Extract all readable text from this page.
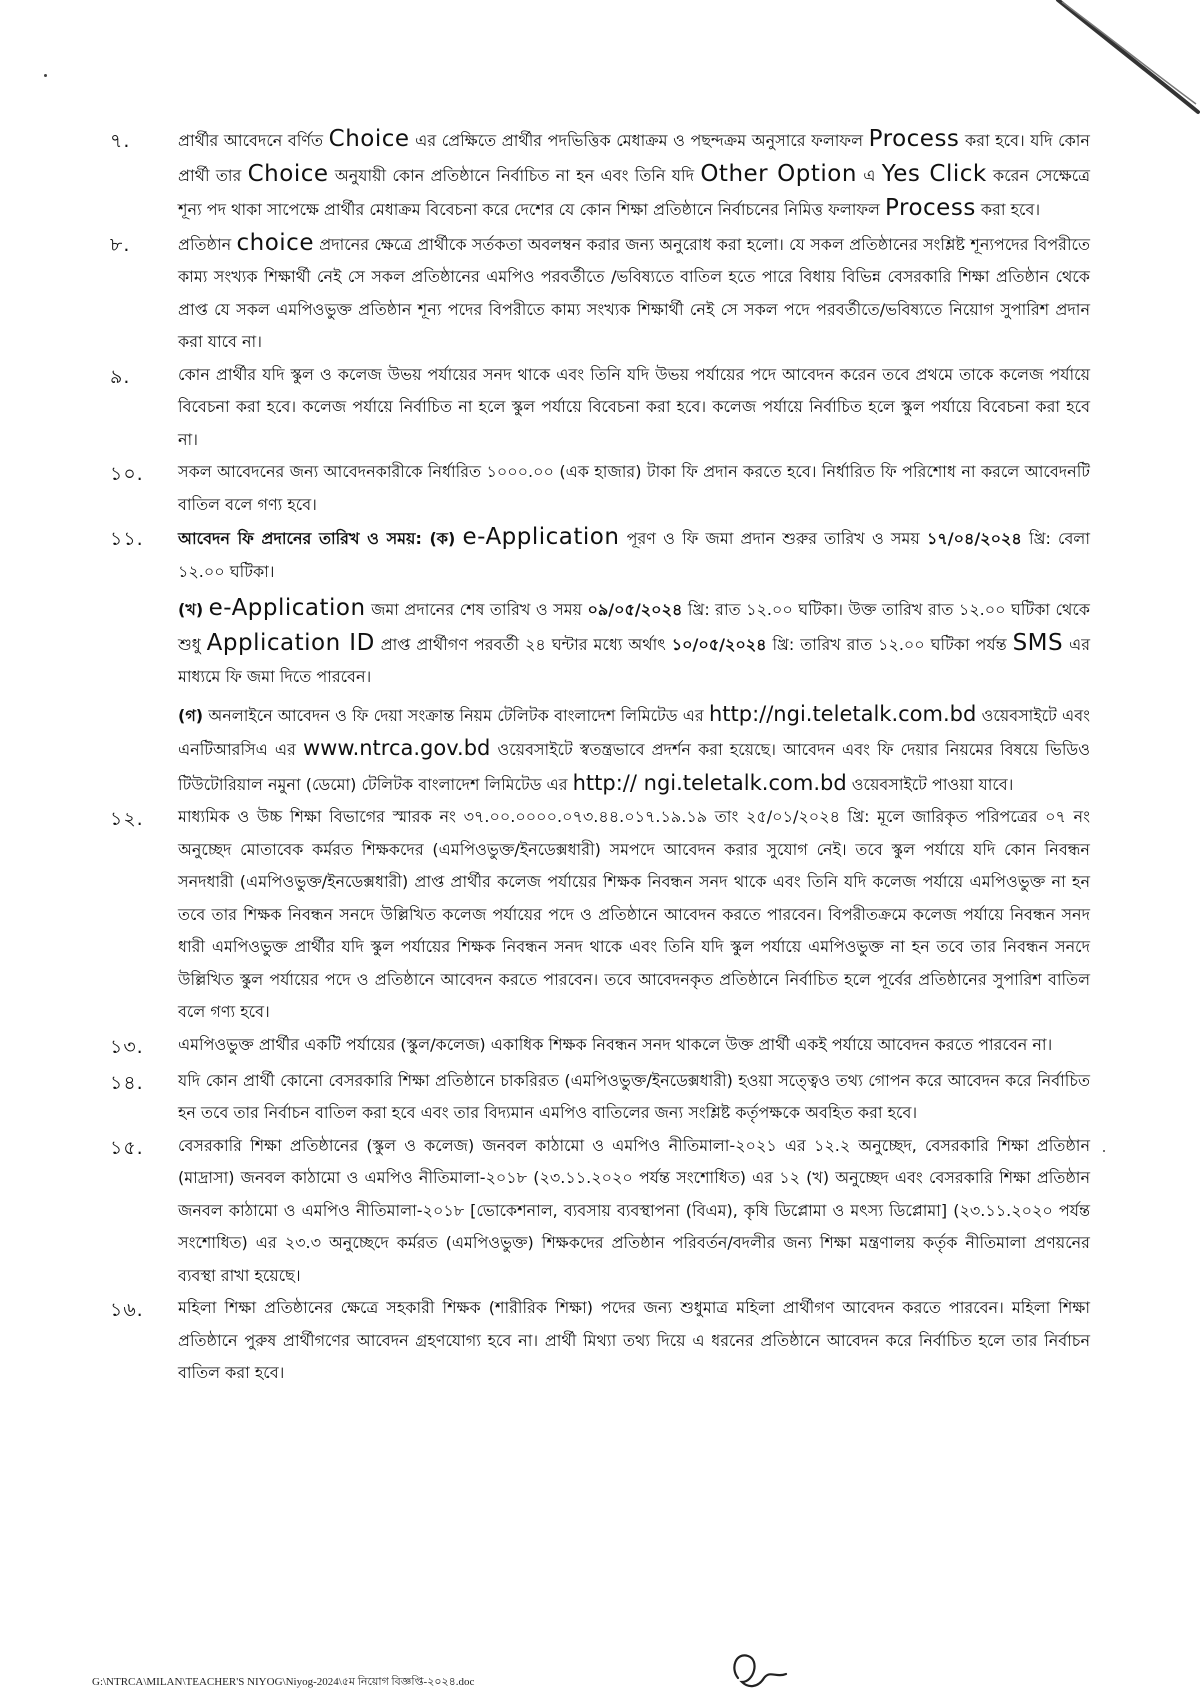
৭.	প্রার্থীর আবেদনে বর্ণিত Choice এর প্রেক্ষিতে প্রার্থীর পদভিত্তিক মেধাক্রম ও পছন্দক্রম অনুসারে ফলাফল Process করা হবে। যদি কোন প্রার্থী তার Choice অনুযায়ী কোন প্রতিষ্ঠানে নির্বাচিত না হন এবং তিনি যদি Other Option এ Yes Click করেন সেক্ষেত্রে শূন্য পদ থাকা সাপেক্ষে প্রার্থীর মেধাক্রম বিবেচনা করে দেশের যে কোন শিক্ষা প্রতিষ্ঠানে নির্বাচনের নিমিত্ত ফলাফল Process করা হবে।
৮.	প্রতিষ্ঠান choice প্রদানের ক্ষেত্রে প্রার্থীকে সর্তকতা অবলম্বন করার জন্য অনুরোধ করা হলো। যে সকল প্রতিষ্ঠানের সংশ্লিষ্ট শূন্যপদের বিপরীতে কাম্য সংখ্যক শিক্ষার্থী নেই সে সকল প্রতিষ্ঠানের এমপিও পরবর্তীতে /ভবিষ্যতে বাতিল হতে পারে বিধায় বিভিন্ন বেসরকারি শিক্ষা প্রতিষ্ঠান থেকে প্রাপ্ত যে সকল এমপিওভুক্ত প্রতিষ্ঠান শূন্য পদের বিপরীতে কাম্য সংখ্যক শিক্ষার্থী নেই সে সকল পদে পরবর্তীতে/ভবিষ্যতে নিয়োগ সুপারিশ প্রদান করা যাবে না।
৯.	কোন প্রার্থীর যদি স্কুল ও কলেজ উভয় পর্যায়ের সনদ থাকে এবং তিনি যদি উভয় পর্যায়ের পদে আবেদন করেন তবে প্রথমে তাকে কলেজ পর্যায়ে বিবেচনা করা হবে। কলেজ পর্যায়ে নির্বাচিত না হলে স্কুল পর্যায়ে বিবেচনা করা হবে। কলেজ পর্যায়ে নির্বাচিত হলে স্কুল পর্যায়ে বিবেচনা করা হবে না।
১০.	সকল আবেদনের জন্য আবেদনকারীকে নির্ধারিত ১০০০.০০ (এক হাজার) টাকা ফি প্রদান করতে হবে। নির্ধারিত ফি পরিশোধ না করলে আবেদনটি বাতিল বলে গণ্য হবে।
১১.	আবেদন ফি প্রদানের তারিখ ও সময়: (ক) e-Application পূরণ ও ফি জমা প্রদান শুরুর তারিখ ও সময় ১৭/০৪/২০২৪ খ্রি: বেলা ১২.০০ ঘটিকা।
(খ) e-Application জমা প্রদানের শেষ তারিখ ও সময় ০৯/০৫/২০২৪ খ্রি: রাত ১২.০০ ঘটিকা। উক্ত তারিখ রাত ১২.০০ ঘটিকা থেকে শুধু Application ID প্রাপ্ত প্রার্থীগণ পরবর্তী ২৪ ঘন্টার মধ্যে অর্থাৎ ১০/০৫/২০২৪ খ্রি: তারিখ রাত ১২.০০ ঘটিকা পর্যন্ত SMS এর মাধ্যমে ফি জমা দিতে পারবেন।
(গ) অনলাইনে আবেদন ও ফি দেয়া সংক্রান্ত নিয়ম টেলিটক বাংলাদেশ লিমিটেড এর http://ngi.teletalk.com.bd ওয়েবসাইটে এবং এনটিআরসিএ এর www.ntrca.gov.bd ওয়েবসাইটে স্বতন্ত্রভাবে প্রদর্শন করা হয়েছে। আবেদন এবং ফি দেয়ার নিয়মের বিষয়ে ভিডিও টিউটোরিয়াল নমুনা (ডেমো) টেলিটক বাংলাদেশ লিমিটেড এর http:// ngi.teletalk.com.bd ওয়েবসাইটে পাওয়া যাবে।
১২.	মাধ্যমিক ও উচ্চ শিক্ষা বিভাগের স্মারক নং ৩৭.০০.০০০০.০৭৩.৪৪.০১৭.১৯.১৯ তাং ২৫/০১/২০২৪ খ্রি: মূলে জারিকৃত পরিপত্রের ০৭ নং অনুচ্ছেদ মোতাবেক কর্মরত শিক্ষকদের (এমপিওভুক্ত/ইনডেক্সধারী) সমপদে আবেদন করার সুযোগ নেই। তবে স্কুল পর্যায়ে যদি কোন নিবন্ধন সনদধারী (এমপিওভুক্ত/ইনডেক্সধারী) প্রাপ্ত প্রার্থীর কলেজ পর্যায়ের শিক্ষক নিবন্ধন সনদ থাকে এবং তিনি যদি কলেজ পর্যায়ে এমপিওভুক্ত না হন তবে তার শিক্ষক নিবন্ধন সনদে উল্লিখিত কলেজ পর্যায়ের পদে ও প্রতিষ্ঠানে আবেদন করতে পারবেন। বিপরীতক্রমে কলেজ পর্যায়ে নিবন্ধন সনদ ধারী এমপিওভুক্ত প্রার্থীর যদি স্কুল পর্যায়ের শিক্ষক নিবন্ধন সনদ থাকে এবং তিনি যদি স্কুল পর্যায়ে এমপিওভুক্ত না হন তবে তার নিবন্ধন সনদে উল্লিখিত স্কুল পর্যায়ের পদে ও প্রতিষ্ঠানে আবেদন করতে পারবেন। তবে আবেদনকৃত প্রতিষ্ঠানে নির্বাচিত হলে পূর্বের প্রতিষ্ঠানের সুপারিশ বাতিল বলে গণ্য হবে।
১৩.	এমপিওভুক্ত প্রার্থীর একটি পর্যায়ের (স্কুল/কলেজ) একাধিক শিক্ষক নিবন্ধন সনদ থাকলে উক্ত প্রার্থী একই পর্যায়ে আবেদন করতে পারবেন না।
১৪.	যদি কোন প্রার্থী কোনো বেসরকারি শিক্ষা প্রতিষ্ঠানে চাকরিরত (এমপিওভুক্ত/ইনডেক্সধারী) হওয়া সত্ত্বেও তথ্য গোপন করে আবেদন করে নির্বাচিত হন তবে তার নির্বাচন বাতিল করা হবে এবং তার বিদ্যমান এমপিও বাতিলের জন্য সংশ্লিষ্ট কর্তৃপক্ষকে অবহিত করা হবে।
১৫.	বেসরকারি শিক্ষা প্রতিষ্ঠানের (স্কুল ও কলেজ) জনবল কাঠামো ও এমপিও নীতিমালা-২০২১ এর ১২.২ অনুচ্ছেদ, বেসরকারি শিক্ষা প্রতিষ্ঠান (মাদ্রাসা) জনবল কাঠামো ও এমপিও নীতিমালা-২০১৮ (২৩.১১.২০২০ পর্যন্ত সংশোধিত) এর ১২ (খ) অনুচ্ছেদ এবং বেসরকারি শিক্ষা প্রতিষ্ঠান জনবল কাঠামো ও এমপিও নীতিমালা-২০১৮ [ভোকেশনাল, ব্যবসায় ব্যবস্থাপনা (বিএম), কৃষি ডিপ্লোমা ও মৎস্য ডিপ্লোমা] (২৩.১১.২০২০ পর্যন্ত সংশোধিত) এর ২৩.৩ অনুচ্ছেদে কর্মরত (এমপিওভুক্ত) শিক্ষকদের প্রতিষ্ঠান পরিবর্তন/বদলীর জন্য শিক্ষা মন্ত্রণালয় কর্তৃক নীতিমালা প্রণয়নের ব্যবস্থা রাখা হয়েছে।
১৬.	মহিলা শিক্ষা প্রতিষ্ঠানের ক্ষেত্রে সহকারী শিক্ষক (শারীরিক শিক্ষা) পদের জন্য শুধুমাত্র মহিলা প্রার্থীগণ আবেদন করতে পারবেন। মহিলা শিক্ষা প্রতিষ্ঠানে পুরুষ প্রার্থীগণের আবেদন গ্রহণযোগ্য হবে না। প্রার্থী মিথ্যা তথ্য দিয়ে এ ধরনের প্রতিষ্ঠানে আবেদন করে নির্বাচিত হলে তার নির্বাচন বাতিল করা হবে।
G:\NTRCA\MILAN\TEACHER'S NIYOG\Niyog-2024\৫ম নিয়োগ বিজ্ঞপ্তি-২০২৪.doc
